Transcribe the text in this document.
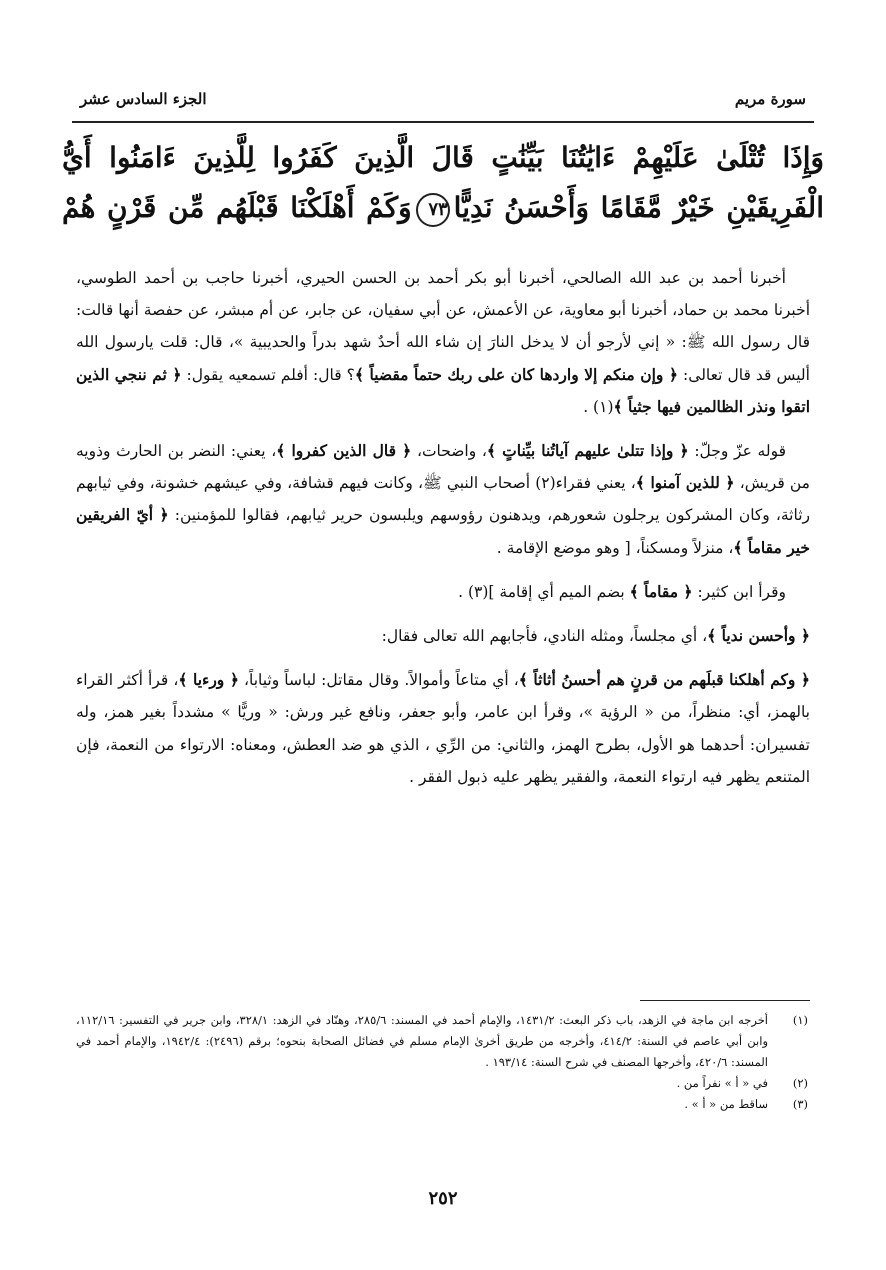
سورة مريم
الجزء السادس عشر
وَإِذَا تُتْلَىٰ عَلَيْهِمْ ءَايَٰتُنَا بَيِّنَٰتٍ قَالَ الَّذِينَ كَفَرُوا لِلَّذِينَ ءَامَنُوا أَيُّ
الْفَرِيقَيْنِ خَيْرٌ مَّقَامًا وَأَحْسَنُ نَدِيًّا٧٣وَكَمْ أَهْلَكْنَا قَبْلَهُم مِّن قَرْنٍ هُمْ

أخبرنا أحمد بن عبد الله الصالحي، أخبرنا أبو بكر أحمد بن الحسن الحيري، أخبرنا حاجب بن أحمد الطوسي، أخبرنا محمد بن حماد، أخبرنا أبو معاوية، عن الأعمش، عن أبي سفيان، عن جابر، عن أم مبشر، عن حفصة أنها قالت: قال رسول الله ﷺ: « إني لأرجو أن لا يدخل النارَ إن شاء الله أحدٌ شهد بدراً والحديبية »، قال: قلت يارسول الله أليس قد قال تعالى: ﴿ وإن منكم إلا واردها كان على ربك حتماً مقضياً ﴾؟ قال: أفلم تسمعيه يقول: ﴿ ثم ننجي الذين اتقوا ونذر الظالمين فيها جثياً ﴾(١) .

قوله عزّ وجلّ: ﴿ وإذا تتلىٰ عليهم آياتُنا بيِّناتٍ ﴾، واضحات، ﴿ قال الذين كفروا ﴾، يعني: النضر بن الحارث وذويه من قريش، ﴿ للذين آمنوا ﴾، يعني فقراء(٢) أصحاب النبي ﷺ، وكانت فيهم قشافة، وفي عيشهم خشونة، وفي ثيابهم رثاثة، وكان المشركون يرجلون شعورهم، ويدهنون رؤوسهم ويلبسون حرير ثيابهم، فقالوا للمؤمنين: ﴿ أيّ الفريقين خير مقاماً ﴾، منزلاً ومسكناً، [ وهو موضع الإقامة .

وقرأ ابن كثير: ﴿ مقاماً ﴾ بضم الميم أي إقامة ](٣) .

﴿ وأحسن ندياً ﴾، أي مجلساً، ومثله النادي، فأجابهم الله تعالى فقال:

﴿ وكم أهلكنا قبلَهم من قرنٍ هم أحسنُ أثاثاً ﴾، أي متاعاً وأموالاً. وقال مقاتل: لباساً وثياباً، ﴿ ورءيا ﴾، قرأ أكثر القراء بالهمز، أي: منظراً، من « الرؤية »، وقرأ ابن عامر، وأبو جعفر، ونافع غير ورش: « وريًّا » مشدداً بغير همز، وله تفسيران: أحدهما هو الأول، بطرح الهمز، والثاني: من الرِّي ، الذي هو ضد العطش، ومعناه: الارتواء من النعمة، فإن المتنعم يظهر فيه ارتواء النعمة، والفقير يظهر عليه ذبول الفقر .

(١)
أخرجه ابن ماجة في الزهد، باب ذكر البعث: ١٤٣١/٢، والإمام أحمد في المسند: ٢٨٥/٦، وهنّاد في الزهد: ٣٢٨/١، وابن جرير في التفسير: ١١٢/١٦، وابن أبي عاصم في السنة: ٤١٤/٢، وأخرجه من طريق أخرىٰ الإمام مسلم في فضائل الصحابة بنحوه؛ برقم (٢٤٩٦): ١٩٤٢/٤، والإمام أحمد في المسند: ٤٢٠/٦، وأخرجها المصنف في شرح السنة: ١٩٣/١٤ .
(٢)
في « أ » نفراً من .
(٣)
ساقط من « أ » .
٢٥٢
